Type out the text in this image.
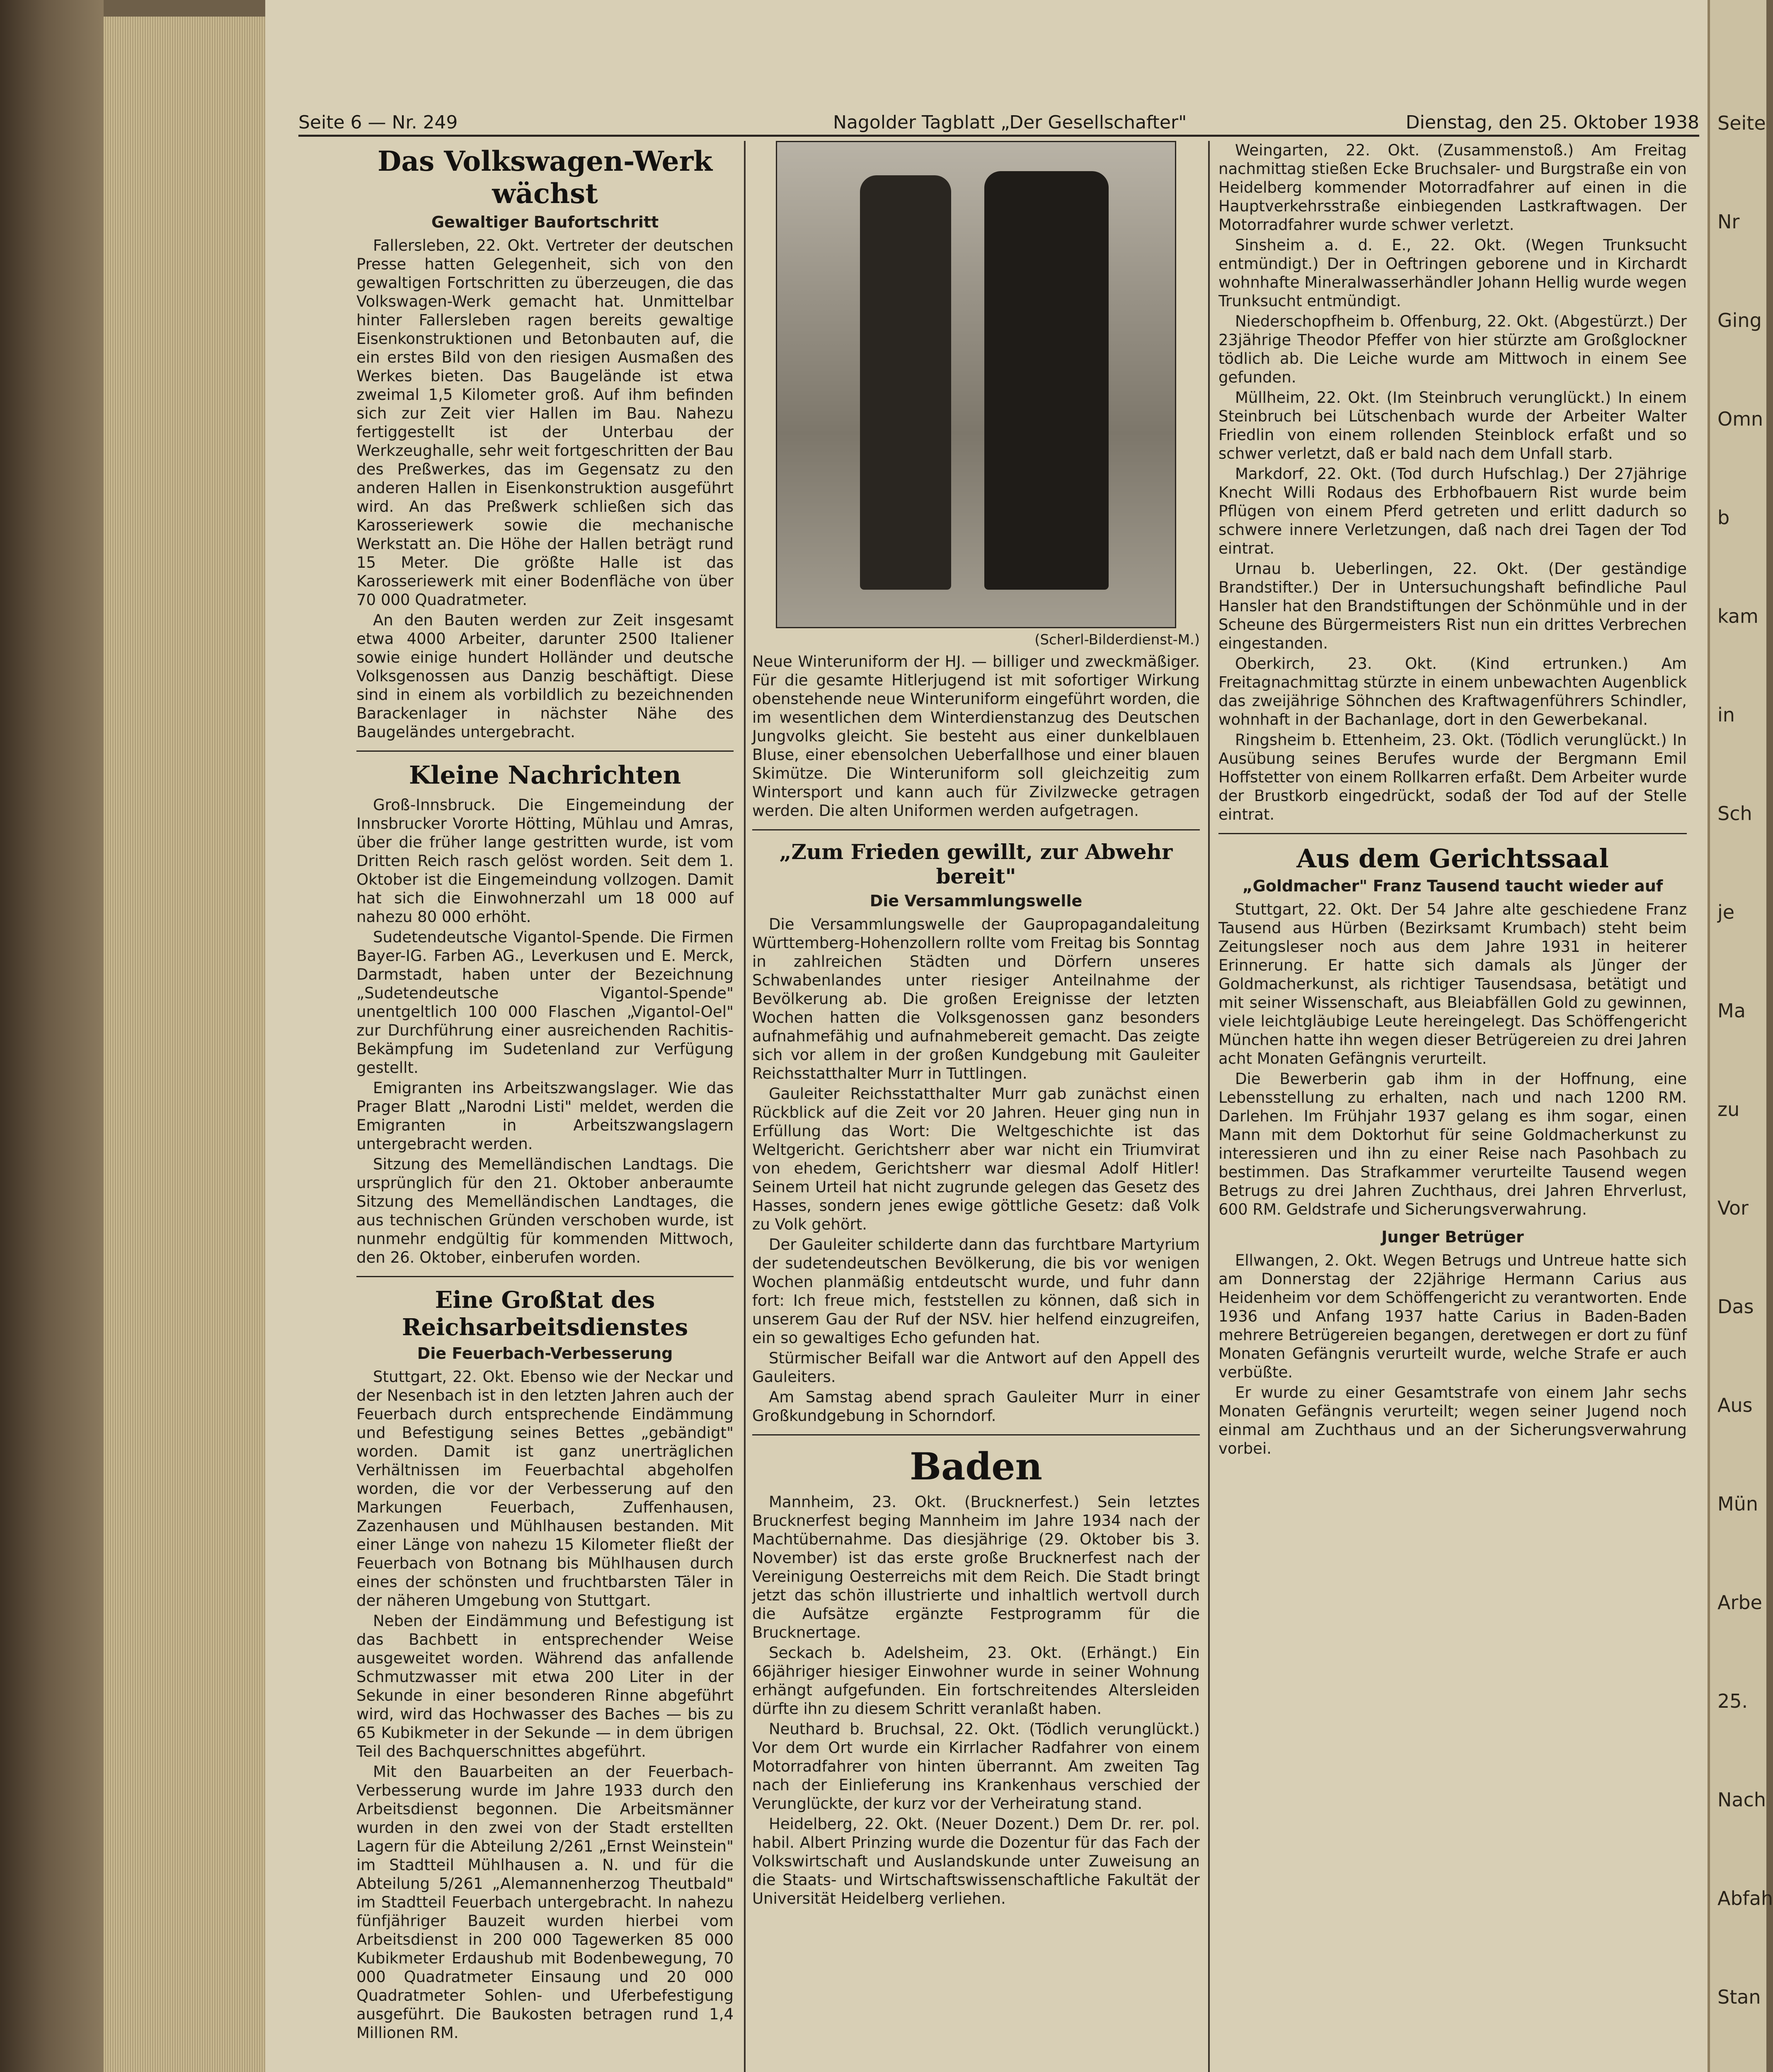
Seite
Nr
Ging
Omn
b
kam
in
Sch
je
Ma
zu
Vor
Das
Aus
Mün
Arbe
25.
Nach
Abfah
Stan
Seite 6 — Nr. 249	Nagolder Tagblatt „Der Gesellschafter"	Dienstag, den 25. Oktober 1938
Das Volkswagen-Werk wächst
Gewaltiger Baufortschritt

Fallersleben, 22. Okt. Vertreter der deutschen Presse hatten Gelegenheit, sich von den gewaltigen Fortschritten zu überzeugen, die das Volkswagen-Werk gemacht hat. Unmittelbar hinter Fallersleben ragen bereits gewaltige Eisenkonstruktionen und Betonbauten auf, die ein erstes Bild von den riesigen Ausmaßen des Werkes bieten. Das Baugelände ist etwa zweimal 1,5 Kilometer groß. Auf ihm befinden sich zur Zeit vier Hallen im Bau. Nahezu fertiggestellt ist der Unterbau der Werkzeughalle, sehr weit fortgeschritten der Bau des Preßwerkes, das im Gegensatz zu den anderen Hallen in Eisenkonstruktion ausgeführt wird. An das Preßwerk schließen sich das Karosseriewerk sowie die mechanische Werkstatt an. Die Höhe der Hallen beträgt rund 15 Meter. Die größte Halle ist das Karosseriewerk mit einer Bodenfläche von über 70 000 Quadratmeter.

An den Bauten werden zur Zeit insgesamt etwa 4000 Arbeiter, darunter 2500 Italiener sowie einige hundert Holländer und deutsche Volksgenossen aus Danzig beschäftigt. Diese sind in einem als vorbildlich zu bezeichnenden Barackenlager in nächster Nähe des Baugeländes untergebracht.

Kleine Nachrichten

Groß-Innsbruck. Die Eingemeindung der Innsbrucker Vororte Hötting, Mühlau und Amras, über die früher lange gestritten wurde, ist vom Dritten Reich rasch gelöst worden. Seit dem 1. Oktober ist die Eingemeindung vollzogen. Damit hat sich die Einwohnerzahl um 18 000 auf nahezu 80 000 erhöht.

Sudetendeutsche Vigantol-Spende. Die Firmen Bayer-IG. Farben AG., Leverkusen und E. Merck, Darmstadt, haben unter der Bezeichnung „Sudetendeutsche Vigantol-Spende" unentgeltlich 100 000 Flaschen „Vigantol-Oel" zur Durchführung einer ausreichenden Rachitis-Bekämpfung im Sudetenland zur Verfügung gestellt.

Emigranten ins Arbeitszwangslager. Wie das Prager Blatt „Narodni Listi" meldet, werden die Emigranten in Arbeitszwangslagern untergebracht werden.

Sitzung des Memelländischen Landtags. Die ursprünglich für den 21. Oktober anberaumte Sitzung des Memelländischen Landtages, die aus technischen Gründen verschoben wurde, ist nunmehr endgültig für kommenden Mittwoch, den 26. Oktober, einberufen worden.

Eine Großtat des Reichsarbeitsdienstes
Die Feuerbach-Verbesserung

Stuttgart, 22. Okt. Ebenso wie der Neckar und der Nesenbach ist in den letzten Jahren auch der Feuerbach durch entsprechende Eindämmung und Befestigung seines Bettes „gebändigt" worden. Damit ist ganz unerträglichen Verhältnissen im Feuerbachtal abgeholfen worden, die vor der Verbesserung auf den Markungen Feuerbach, Zuffenhausen, Zazenhausen und Mühlhausen bestanden. Mit einer Länge von nahezu 15 Kilometer fließt der Feuerbach von Botnang bis Mühlhausen durch eines der schönsten und fruchtbarsten Täler in der näheren Umgebung von Stuttgart.

Neben der Eindämmung und Befestigung ist das Bachbett in entsprechender Weise ausgeweitet worden. Während das anfallende Schmutzwasser mit etwa 200 Liter in der Sekunde in einer besonderen Rinne abgeführt wird, wird das Hochwasser des Baches — bis zu 65 Kubikmeter in der Sekunde — in dem übrigen Teil des Bachquerschnittes abgeführt.

Mit den Bauarbeiten an der Feuerbach-Verbesserung wurde im Jahre 1933 durch den Arbeitsdienst begonnen. Die Arbeitsmänner wurden in den zwei von der Stadt erstellten Lagern für die Abteilung 2/261 „Ernst Weinstein" im Stadtteil Mühlhausen a. N. und für die Abteilung 5/261 „Alemannenherzog Theutbald" im Stadtteil Feuerbach untergebracht. In nahezu fünfjähriger Bauzeit wurden hierbei vom Arbeitsdienst in 200 000 Tagewerken 85 000 Kubikmeter Erdaushub mit Bodenbewegung, 70 000 Quadratmeter Einsaung und 20 000 Quadratmeter Sohlen- und Uferbefestigung ausgeführt. Die Baukosten betragen rund 1,4 Millionen RM.

(Scherl-Bilderdienst-M.)
Neue Winteruniform der HJ. — billiger und zweckmäßiger. Für die gesamte Hitlerjugend ist mit sofortiger Wirkung obenstehende neue Winteruniform eingeführt worden, die im wesentlichen dem Winterdienstanzug des Deutschen Jungvolks gleicht. Sie besteht aus einer dunkelblauen Bluse, einer ebensolchen Ueberfallhose und einer blauen Skimütze. Die Winteruniform soll gleichzeitig zum Wintersport und kann auch für Zivilzwecke getragen werden. Die alten Uniformen werden aufgetragen.
„Zum Frieden gewillt, zur Abwehr bereit"
Die Versammlungswelle

Die Versammlungswelle der Gaupropagandaleitung Württemberg-Hohenzollern rollte vom Freitag bis Sonntag in zahlreichen Städten und Dörfern unseres Schwabenlandes unter riesiger Anteilnahme der Bevölkerung ab. Die großen Ereignisse der letzten Wochen hatten die Volksgenossen ganz besonders aufnahmefähig und aufnahmebereit gemacht. Das zeigte sich vor allem in der großen Kundgebung mit Gauleiter Reichsstatthalter Murr in Tuttlingen.

Gauleiter Reichsstatthalter Murr gab zunächst einen Rückblick auf die Zeit vor 20 Jahren. Heuer ging nun in Erfüllung das Wort: Die Weltgeschichte ist das Weltgericht. Gerichtsherr aber war nicht ein Triumvirat von ehedem, Gerichtsherr war diesmal Adolf Hitler! Seinem Urteil hat nicht zugrunde gelegen das Gesetz des Hasses, sondern jenes ewige göttliche Gesetz: daß Volk zu Volk gehört.

Der Gauleiter schilderte dann das furchtbare Martyrium der sudetendeutschen Bevölkerung, die bis vor wenigen Wochen planmäßig entdeutscht wurde, und fuhr dann fort: Ich freue mich, feststellen zu können, daß sich in unserem Gau der Ruf der NSV. hier helfend einzugreifen, ein so gewaltiges Echo gefunden hat.

Stürmischer Beifall war die Antwort auf den Appell des Gauleiters.

Am Samstag abend sprach Gauleiter Murr in einer Großkundgebung in Schorndorf.

Baden

Mannheim, 23. Okt. (Brucknerfest.) Sein letztes Brucknerfest beging Mannheim im Jahre 1934 nach der Machtübernahme. Das diesjährige (29. Oktober bis 3. November) ist das erste große Brucknerfest nach der Vereinigung Oesterreichs mit dem Reich. Die Stadt bringt jetzt das schön illustrierte und inhaltlich wertvoll durch die Aufsätze ergänzte Festprogramm für die Brucknertage.

Seckach b. Adelsheim, 23. Okt. (Erhängt.) Ein 66jähriger hiesiger Einwohner wurde in seiner Wohnung erhängt aufgefunden. Ein fortschreitendes Altersleiden dürfte ihn zu diesem Schritt veranlaßt haben.

Neuthard b. Bruchsal, 22. Okt. (Tödlich verunglückt.) Vor dem Ort wurde ein Kirrlacher Radfahrer von einem Motorradfahrer von hinten überrannt. Am zweiten Tag nach der Einlieferung ins Krankenhaus verschied der Verunglückte, der kurz vor der Verheiratung stand.

Heidelberg, 22. Okt. (Neuer Dozent.) Dem Dr. rer. pol. habil. Albert Prinzing wurde die Dozentur für das Fach der Volkswirtschaft und Auslandskunde unter Zuweisung an die Staats- und Wirtschaftswissenschaftliche Fakultät der Universität Heidelberg verliehen.

Weingarten, 22. Okt. (Zusammenstoß.) Am Freitag nachmittag stießen Ecke Bruchsaler- und Burgstraße ein von Heidelberg kommender Motorradfahrer auf einen in die Hauptverkehrsstraße einbiegenden Lastkraftwagen. Der Motorradfahrer wurde schwer verletzt.

Sinsheim a. d. E., 22. Okt. (Wegen Trunksucht entmündigt.) Der in Oeftringen geborene und in Kirchardt wohnhafte Mineralwasserhändler Johann Hellig wurde wegen Trunksucht entmündigt.

Niederschopfheim b. Offenburg, 22. Okt. (Abgestürzt.) Der 23jährige Theodor Pfeffer von hier stürzte am Großglockner tödlich ab. Die Leiche wurde am Mittwoch in einem See gefunden.

Müllheim, 22. Okt. (Im Steinbruch verunglückt.) In einem Steinbruch bei Lütschenbach wurde der Arbeiter Walter Friedlin von einem rollenden Steinblock erfaßt und so schwer verletzt, daß er bald nach dem Unfall starb.

Markdorf, 22. Okt. (Tod durch Hufschlag.) Der 27jährige Knecht Willi Rodaus des Erbhofbauern Rist wurde beim Pflügen von einem Pferd getreten und erlitt dadurch so schwere innere Verletzungen, daß nach drei Tagen der Tod eintrat.

Urnau b. Ueberlingen, 22. Okt. (Der geständige Brandstifter.) Der in Untersuchungshaft befindliche Paul Hansler hat den Brandstiftungen der Schönmühle und in der Scheune des Bürgermeisters Rist nun ein drittes Verbrechen eingestanden.

Oberkirch, 23. Okt. (Kind ertrunken.) Am Freitagnachmittag stürzte in einem unbewachten Augenblick das zweijährige Söhnchen des Kraftwagenführers Schindler, wohnhaft in der Bachanlage, dort in den Gewerbekanal.

Ringsheim b. Ettenheim, 23. Okt. (Tödlich verunglückt.) In Ausübung seines Berufes wurde der Bergmann Emil Hoffstetter von einem Rollkarren erfaßt. Dem Arbeiter wurde der Brustkorb eingedrückt, sodaß der Tod auf der Stelle eintrat.

Aus dem Gerichtssaal
„Goldmacher" Franz Tausend taucht wieder auf

Stuttgart, 22. Okt. Der 54 Jahre alte geschiedene Franz Tausend aus Hürben (Bezirksamt Krumbach) steht beim Zeitungsleser noch aus dem Jahre 1931 in heiterer Erinnerung. Er hatte sich damals als Jünger der Goldmacherkunst, als richtiger Tausendsasa, betätigt und mit seiner Wissenschaft, aus Bleiabfällen Gold zu gewinnen, viele leichtgläubige Leute hereingelegt. Das Schöffengericht München hatte ihn wegen dieser Betrügereien zu drei Jahren acht Monaten Gefängnis verurteilt.

Die Bewerberin gab ihm in der Hoffnung, eine Lebensstellung zu erhalten, nach und nach 1200 RM. Darlehen. Im Frühjahr 1937 gelang es ihm sogar, einen Mann mit dem Doktorhut für seine Goldmacherkunst zu interessieren und ihn zu einer Reise nach Pasohbach zu bestimmen. Das Strafkammer verurteilte Tausend wegen Betrugs zu drei Jahren Zuchthaus, drei Jahren Ehrverlust, 600 RM. Geldstrafe und Sicherungsverwahrung.

Junger Betrüger

Ellwangen, 2. Okt. Wegen Betrugs und Untreue hatte sich am Donnerstag der 22jährige Hermann Carius aus Heidenheim vor dem Schöffengericht zu verantworten. Ende 1936 und Anfang 1937 hatte Carius in Baden-Baden mehrere Betrügereien begangen, deretwegen er dort zu fünf Monaten Gefängnis verurteilt wurde, welche Strafe er auch verbüßte.

Er wurde zu einer Gesamtstrafe von einem Jahr sechs Monaten Gefängnis verurteilt; wegen seiner Jugend noch einmal am Zuchthaus und an der Sicherungsverwahrung vorbei.
